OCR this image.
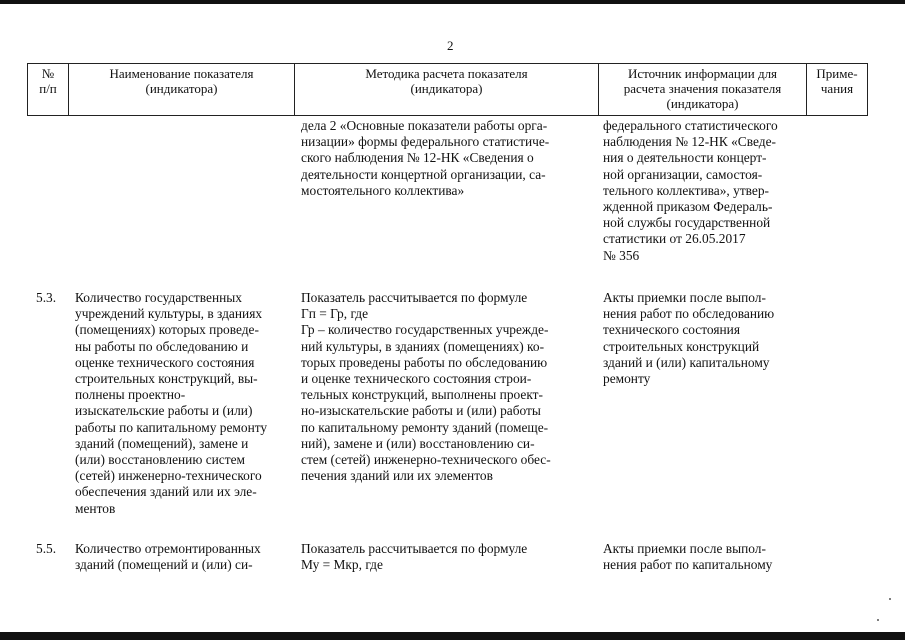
2
№
п/п
Наименование показателя
(индикатора)
Методика расчета показателя
(индикатора)
Источник информации для
расчета значения показателя
(индикатора)
Приме-
чания
дела 2 «Основные показатели работы орга-
низации» формы федерального статистиче-
ского наблюдения № 12-НК «Сведения о
деятельности концертной организации, са-
мостоятельного коллектива»
федерального статистического
наблюдения № 12-НК «Сведе-
ния о деятельности концерт-
ной организации, самостоя-
тельного коллектива», утвер-
жденной приказом Федераль-
ной службы государственной
статистики от 26.05.2017
№ 356
5.3. Количество государственных
учреждений культуры, в зданиях
(помещениях) которых проведе-
ны работы по обследованию и
оценке технического состояния
строительных конструкций, вы-
полнены проектно-
изыскательские работы и (или)
работы по капитальному ремонту
зданий (помещений), замене и
(или) восстановлению систем
(сетей) инженерно-технического
обеспечения зданий или их эле-
ментов
Показатель рассчитывается по формуле
Гп = Гр, где
Гр – количество государственных учрежде-
ний культуры, в зданиях (помещениях) ко-
торых проведены работы по обследованию
и оценке технического состояния строи-
тельных конструкций, выполнены проект-
но-изыскательские работы и (или) работы
по капитальному ремонту зданий (помеще-
ний), замене и (или) восстановлению си-
стем (сетей) инженерно-технического обес-
печения зданий или их элементов
Акты приемки после выпол-
нения работ по обследованию
технического состояния
строительных конструкций
зданий и (или) капитальному
ремонту
5.5. Количество отремонтированных
зданий (помещений и (или) си-
Показатель рассчитывается по формуле
Му = Мкр, где
Акты приемки после выпол-
нения работ по капитальному
